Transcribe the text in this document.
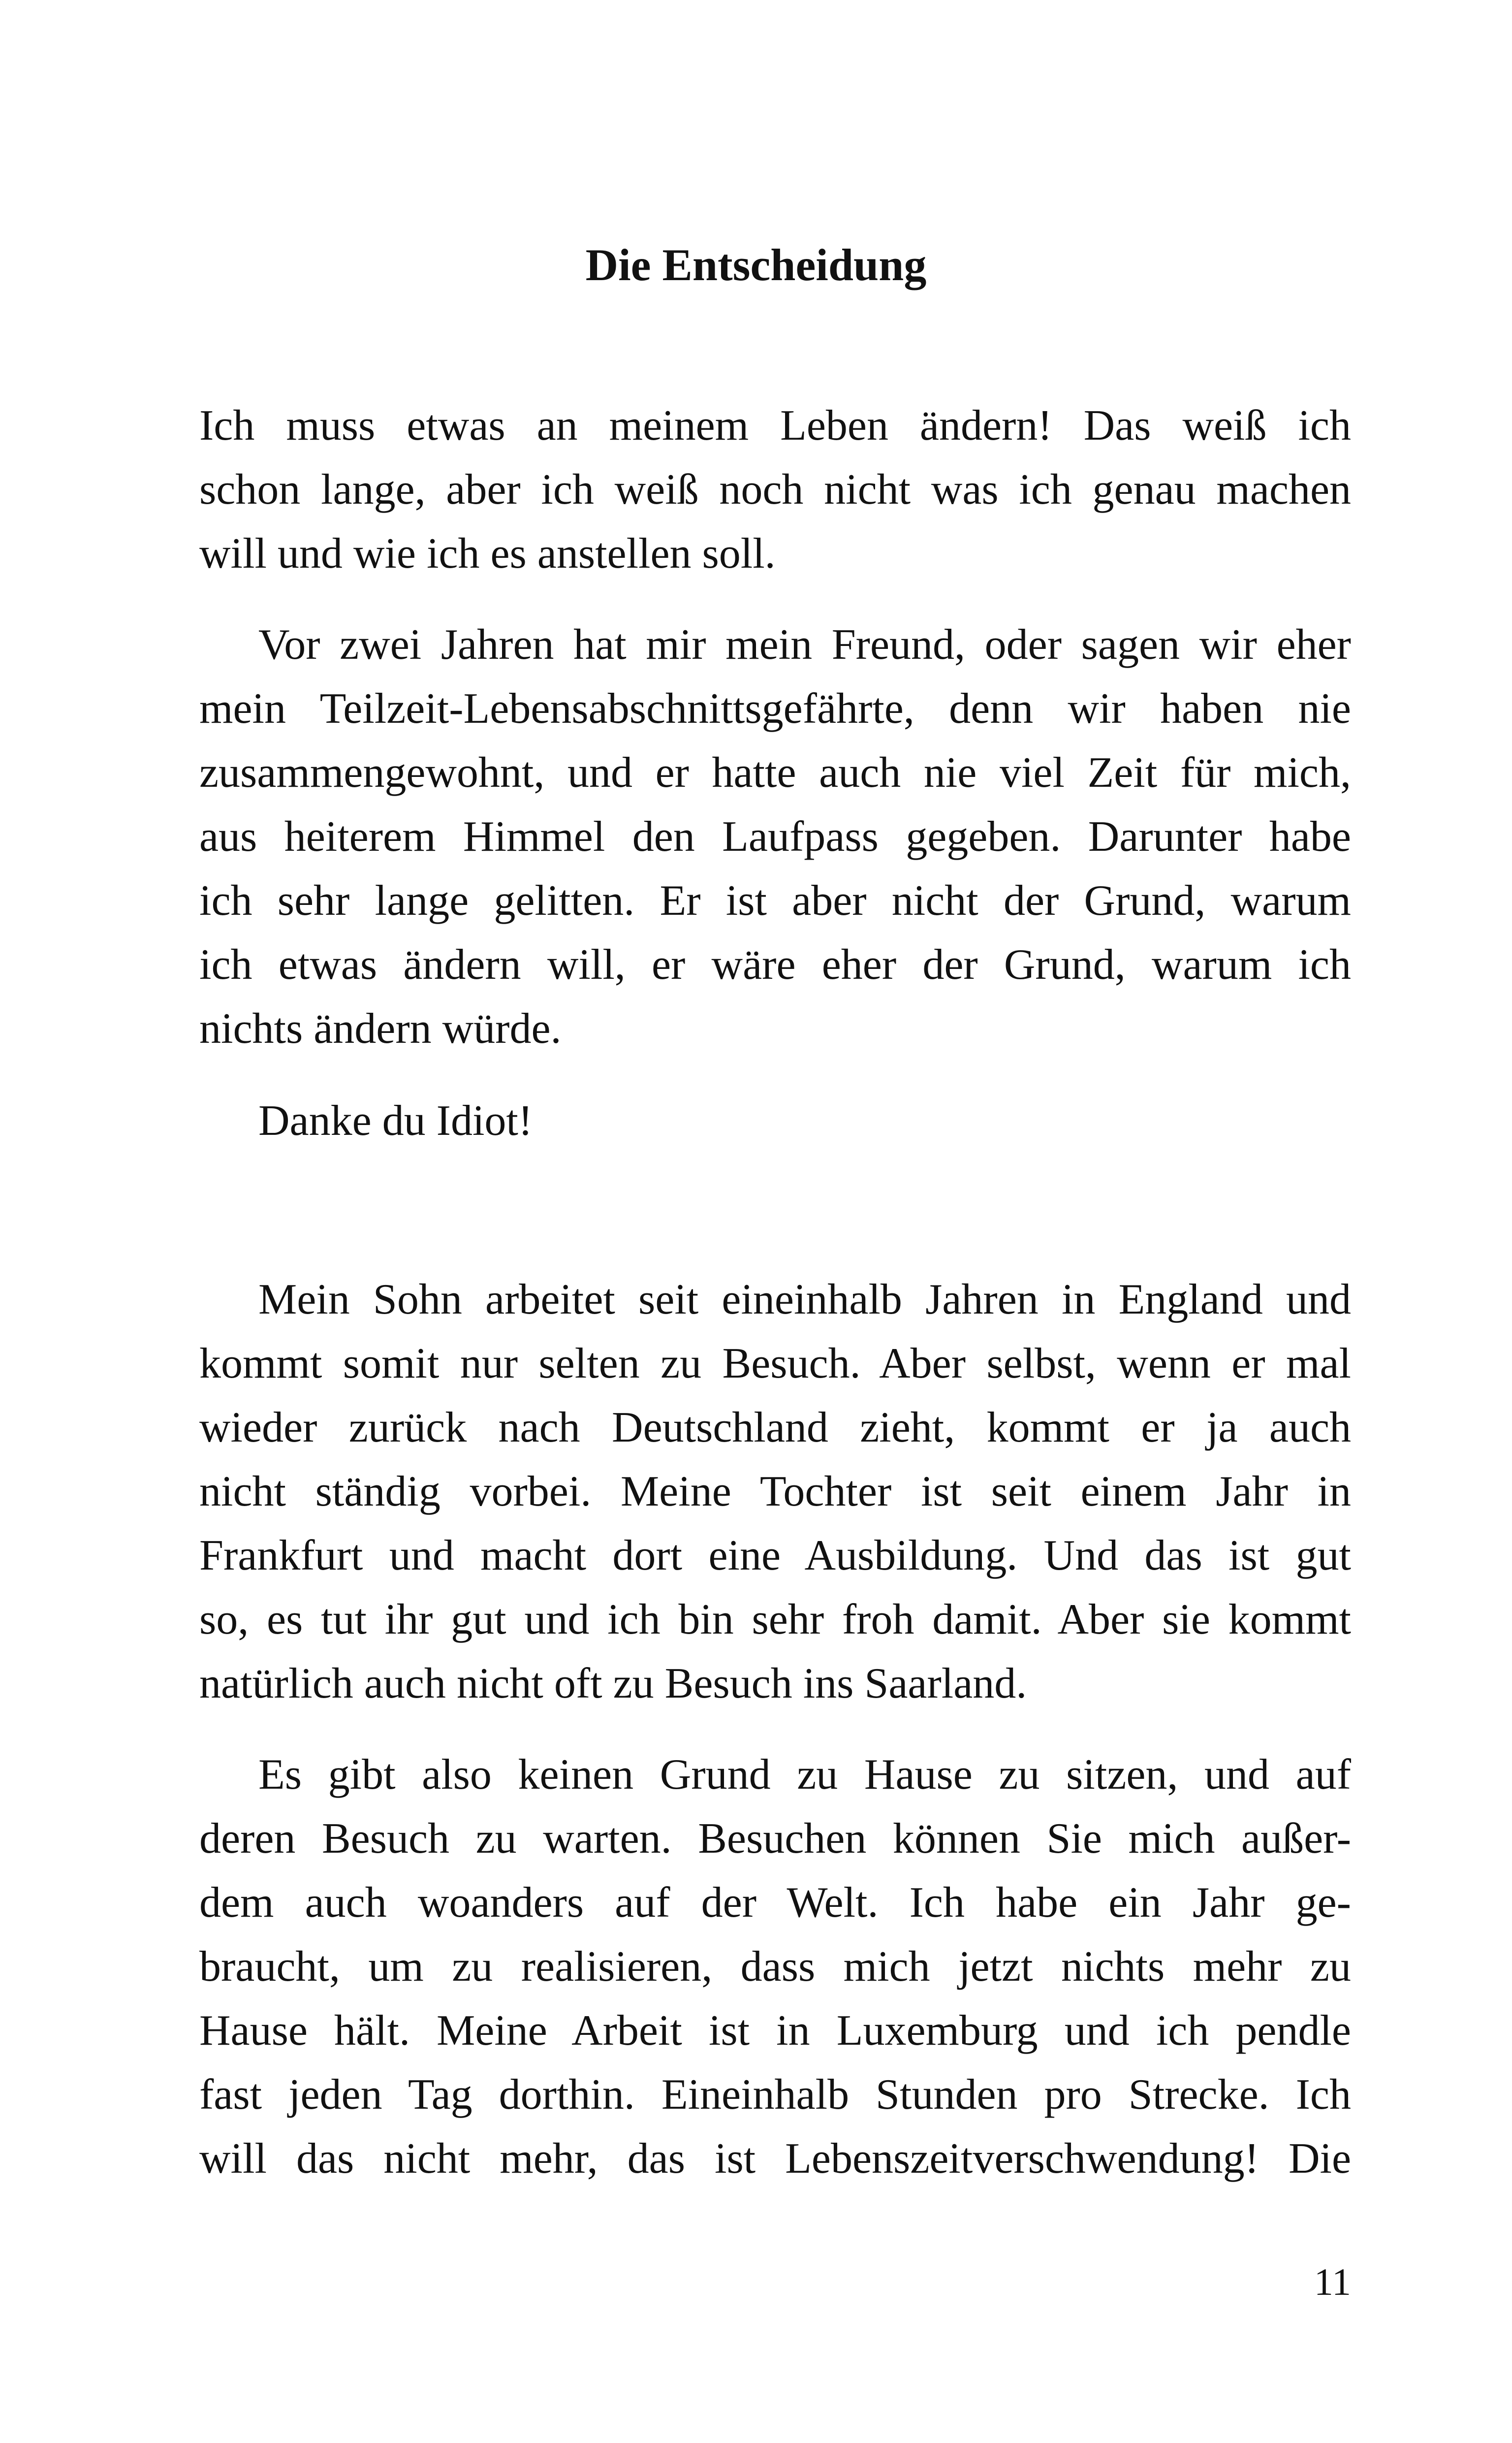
Die Entscheidung

Ich muss etwas an meinem Leben ändern! Das weiß ich

schon lange, aber ich weiß noch nicht was ich genau machen

will und wie ich es anstellen soll.

Vor zwei Jahren hat mir mein Freund, oder sagen wir eher

mein Teilzeit-Lebensabschnittsgefährte, denn wir haben nie

zusammengewohnt, und er hatte auch nie viel Zeit für mich,

aus heiterem Himmel den Laufpass gegeben. Darunter habe

ich sehr lange gelitten. Er ist aber nicht der Grund, warum

ich etwas ändern will, er wäre eher der Grund, warum ich

nichts ändern würde.

Danke du Idiot!

Mein Sohn arbeitet seit eineinhalb Jahren in England und

kommt somit nur selten zu Besuch. Aber selbst, wenn er mal

wieder zurück nach Deutschland zieht, kommt er ja auch

nicht ständig vorbei. Meine Tochter ist seit einem Jahr in

Frankfurt und macht dort eine Ausbildung. Und das ist gut

so, es tut ihr gut und ich bin sehr froh damit. Aber sie kommt

natürlich auch nicht oft zu Besuch ins Saarland.

Es gibt also keinen Grund zu Hause zu sitzen, und auf

deren Besuch zu warten. Besuchen können Sie mich außer-

dem auch woanders auf der Welt. Ich habe ein Jahr ge-

braucht, um zu realisieren, dass mich jetzt nichts mehr zu

Hause hält. Meine Arbeit ist in Luxemburg und ich pendle

fast jeden Tag dorthin. Eineinhalb Stunden pro Strecke. Ich

will das nicht mehr, das ist Lebenszeitverschwendung! Die

11
